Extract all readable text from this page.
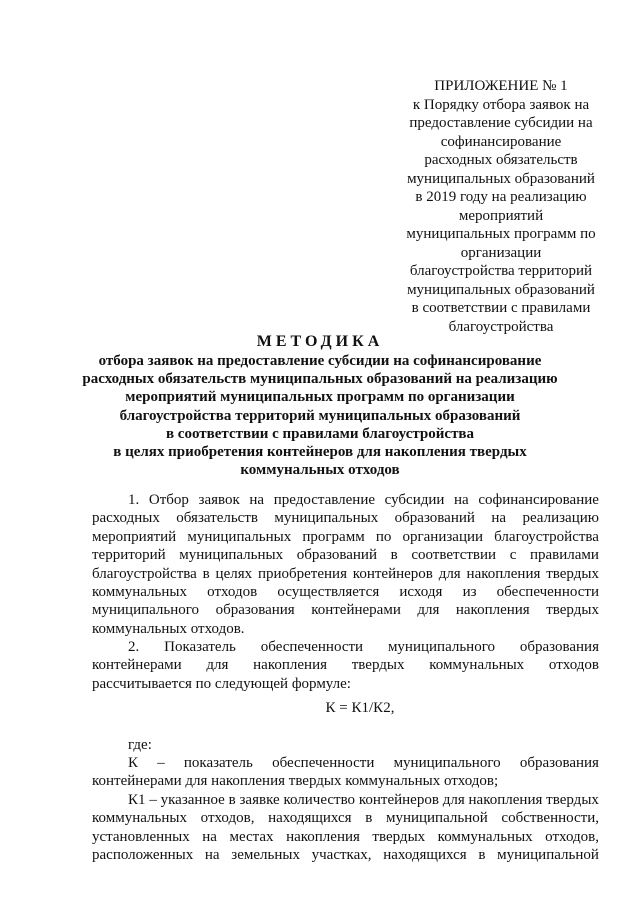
ПРИЛОЖЕНИЕ № 1
к Порядку отбора заявок на
предоставление субсидии на
софинансирование
расходных обязательств
муниципальных образований
в 2019 году на реализацию
мероприятий
муниципальных программ по
организации
благоустройства территорий
муниципальных образований
в соответствии с правилами
благоустройства
МЕТОДИКА
отбора заявок на предоставление субсидии на софинансирование
расходных обязательств муниципальных образований на реализацию
мероприятий муниципальных программ по организации
благоустройства территорий муниципальных образований
в соответствии с правилами благоустройства
в целях приобретения контейнеров для накопления твердых
коммунальных отходов
1. Отбор заявок на предоставление субсидии на софинансирование
расходных обязательств муниципальных образований на реализацию
мероприятий муниципальных программ по организации благоустройства
территорий муниципальных образований в соответствии с правилами
благоустройства в целях приобретения контейнеров для накопления твердых
коммунальных отходов осуществляется исходя из обеспеченности
муниципального образования контейнерами для накопления твердых
коммунальных отходов.
2. Показатель обеспеченности муниципального образования
контейнерами для накопления твердых коммунальных отходов
рассчитывается по следующей формуле:
К = К1/К2,
где:
К – показатель обеспеченности муниципального образования
контейнерами для накопления твердых коммунальных отходов;
К1 – указанное в заявке количество контейнеров для накопления твердых
коммунальных отходов, находящихся в муниципальной собственности,
установленных на местах накопления твердых коммунальных отходов,
расположенных на земельных участках, находящихся в муниципальной
